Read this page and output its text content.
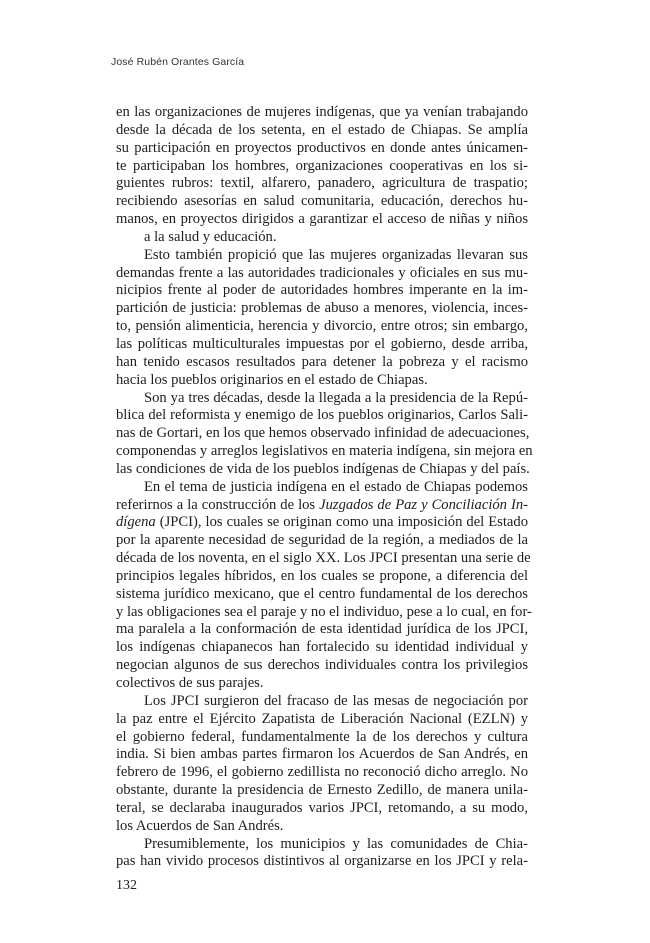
José Rubén Orantes García
en las organizaciones de mujeres indígenas, que ya venían trabajando
desde la década de los setenta, en el estado de Chiapas. Se amplía
su participación en proyectos productivos en donde antes únicamen-
te participaban los hombres, organizaciones cooperativas en los si-
guientes rubros: textil, alfarero, panadero, agricultura de traspatio;
recibiendo asesorías en salud comunitaria, educación, derechos hu-
manos, en proyectos dirigidos a garantizar el acceso de niñas y niños
a la salud y educación.
Esto también propició que las mujeres organizadas llevaran sus
demandas frente a las autoridades tradicionales y oficiales en sus mu-
nicipios frente al poder de autoridades hombres imperante en la im-
partición de justicia: problemas de abuso a menores, violencia, inces-
to, pensión alimenticia, herencia y divorcio, entre otros; sin embargo,
las políticas multiculturales impuestas por el gobierno, desde arriba,
han tenido escasos resultados para detener la pobreza y el racismo
hacia los pueblos originarios en el estado de Chiapas.
Son ya tres décadas, desde la llegada a la presidencia de la Repú-
blica del reformista y enemigo de los pueblos originarios, Carlos Sali-
nas de Gortari, en los que hemos observado infinidad de adecuaciones,
componendas y arreglos legislativos en materia indígena, sin mejora en
las condiciones de vida de los pueblos indígenas de Chiapas y del país.
En el tema de justicia indígena en el estado de Chiapas podemos
referirnos a la construcción de los Juzgados de Paz y Conciliación In-
dígena (JPCI), los cuales se originan como una imposición del Estado
por la aparente necesidad de seguridad de la región, a mediados de la
década de los noventa, en el siglo XX. Los JPCI presentan una serie de
principios legales híbridos, en los cuales se propone, a diferencia del
sistema jurídico mexicano, que el centro fundamental de los derechos
y las obligaciones sea el paraje y no el individuo, pese a lo cual, en for-
ma paralela a la conformación de esta identidad jurídica de los JPCI,
los indígenas chiapanecos han fortalecido su identidad individual y
negocian algunos de sus derechos individuales contra los privilegios
colectivos de sus parajes.
Los JPCI surgieron del fracaso de las mesas de negociación por
la paz entre el Ejército Zapatista de Liberación Nacional (EZLN) y
el gobierno federal, fundamentalmente la de los derechos y cultura
india. Si bien ambas partes firmaron los Acuerdos de San Andrés, en
febrero de 1996, el gobierno zedillista no reconoció dicho arreglo. No
obstante, durante la presidencia de Ernesto Zedillo, de manera unila-
teral, se declaraba inaugurados varios JPCI, retomando, a su modo,
los Acuerdos de San Andrés.
Presumiblemente, los municipios y las comunidades de Chia-
pas han vivido procesos distintivos al organizarse en los JPCI y rela-
132
